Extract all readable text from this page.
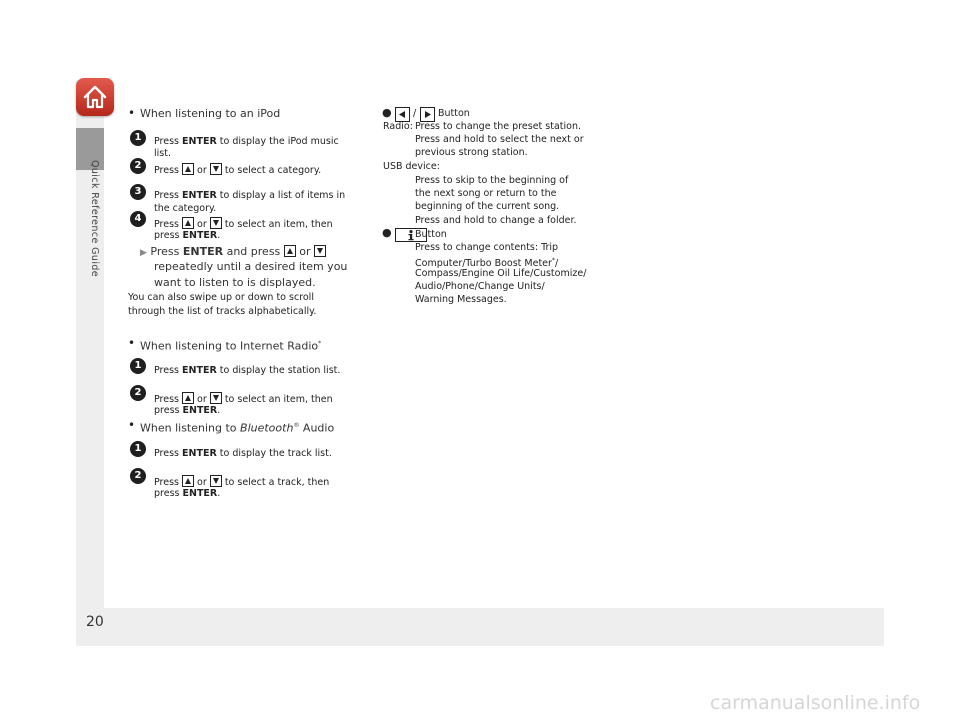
Quick Reference Guide
• When listening to an iPod
1	Press ENTER to display the iPod music
list.
2	Press
or
to select a category.
3	Press ENTER to display a list of items in
the category.
4
Press
or
to select an item, then
press ENTER.
▶ Press ENTER and press
or
repeatedly until a desired item you
want to listen to is displayed.
You can also swipe up or down to scroll
through the list of tracks alphabetically.
• When listening to Internet Radio*
1	Press ENTER to display the station list.
2
Press
or
to select an item, then
press ENTER.
• When listening to Bluetooth® Audio
1	Press ENTER to display the track list.
2
Press
or
to select a track, then
press ENTER.
● / Button
Radio: Press to change the preset station.
Press and hold to select the next or
previous strong station.
USB device:
Press to skip to the beginning of
the next song or return to the
beginning of the current song.
Press and hold to change a folder.
● Button
Press to change contents: Trip
Computer/Turbo Boost Meter*/
Compass/Engine Oil Life/Customize/
Audio/Phone/Change Units/
Warning Messages.
20
carmanualsonline.info
